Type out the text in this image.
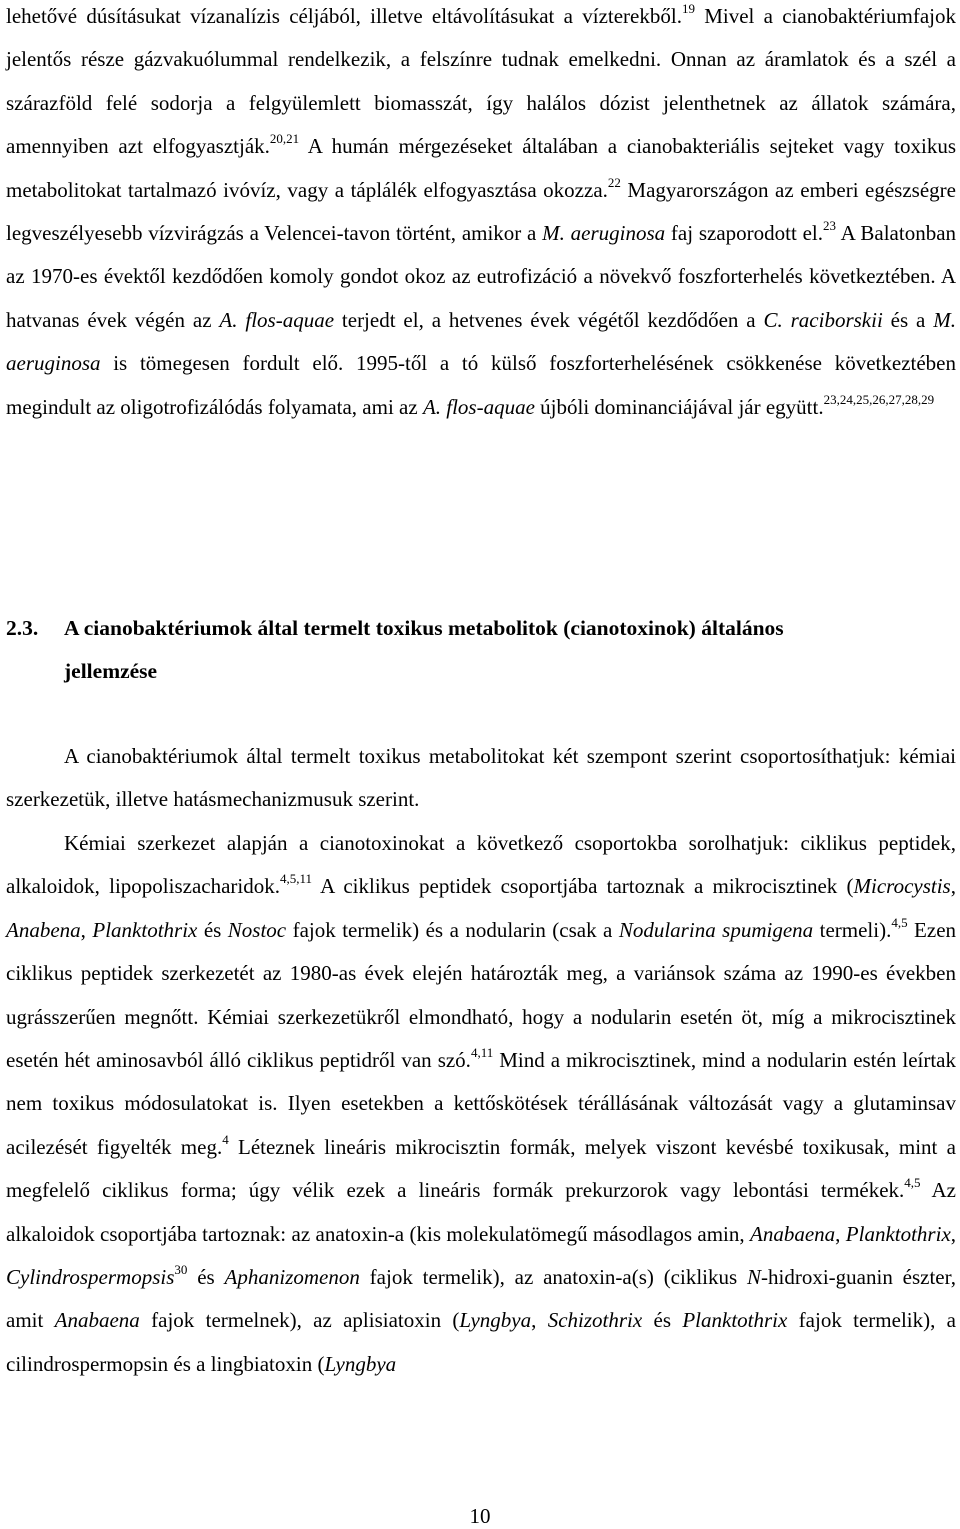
lehetővé dúsításukat vízanalízis céljából, illetve eltávolításukat a vízterekből.$^{19}$ Mivel a cianobaktériumfajok jelentős része gázvakuólummal rendelkezik, a felszínre tudnak emelkedni. Onnan az áramlatok és a szél a szárazföld felé sodorja a felgyülemlett biomasszát, így halálos dózist jelenthetnek az állatok számára, amennyiben azt elfogyasztják.$^{20,21}$ A humán mérgezéseket általában a cianobakteriális sejteket vagy toxikus metabolitokat tartalmazó ivóvíz, vagy a táplálék elfogyasztása okozza.$^{22}$ Magyarországon az emberi egészségre legveszélyesebb vízvirágzás a Velencei-tavon történt, amikor a M. aeruginosa faj szaporodott el.$^{23}$ A Balatonban az 1970-es évektől kezdődően komoly gondot okoz az eutrofizáció a növekvő foszforterhelés következtében. A hatvanas évek végén az A. flos-aquae terjedt el, a hetvenes évek végétől kezdődően a C. raciborskii és a M. aeruginosa is tömegesen fordult elő. 1995-től a tó külső foszforterhelésének csökkenése következtében megindult az oligotrofizálódás folyamata, ami az A. flos-aquae újbóli dominanciájával jár együtt.$^{23,24,25,26,27,28,29}$

2.3. A cianobaktériumok által termelt toxikus metabolitok (cianotoxinok) általános
jellemzése

A cianobaktériumok által termelt toxikus metabolitokat két szempont szerint csoportosíthatjuk: kémiai szerkezetük, illetve hatásmechanizmusuk szerint.

Kémiai szerkezet alapján a cianotoxinokat a következő csoportokba sorolhatjuk: ciklikus peptidek, alkaloidok, lipopoliszacharidok.$^{4,5,11}$ A ciklikus peptidek csoportjába tartoznak a mikrocisztinek (Microcystis, Anabena, Planktothrix és Nostoc fajok termelik) és a nodularin (csak a Nodularina spumigena termeli).$^{4,5}$ Ezen ciklikus peptidek szerkezetét az 1980-as évek elején határozták meg, a variánsok száma az 1990-es években ugrásszerűen megnőtt. Kémiai szerkezetükről elmondható, hogy a nodularin esetén öt, míg a mikrocisztinek esetén hét aminosavból álló ciklikus peptidről van szó.$^{4,11}$ Mind a mikrocisztinek, mind a nodularin estén leírtak nem toxikus módosulatokat is. Ilyen esetekben a kettőskötések térállásának változását vagy a glutaminsav acilezését figyelték meg.$^4$ Léteznek lineáris mikrocisztin formák, melyek viszont kevésbé toxikusak, mint a megfelelő ciklikus forma; úgy vélik ezek a lineáris formák prekurzorok vagy lebontási termékek.$^{4,5}$ Az alkaloidok csoportjába tartoznak: az anatoxin-a (kis molekulatömegű másodlagos amin, Anabaena, Planktothrix, Cylindrospermopsis$^{30}$ és Aphanizomenon fajok termelik), az anatoxin-a(s) (ciklikus N-hidroxi-guanin észter, amit Anabaena fajok termelnek), az aplisiatoxin (Lyngbya, Schizothrix és Planktothrix fajok termelik), a cilindrospermopsin és a lingbiatoxin (Lyngbya

10
